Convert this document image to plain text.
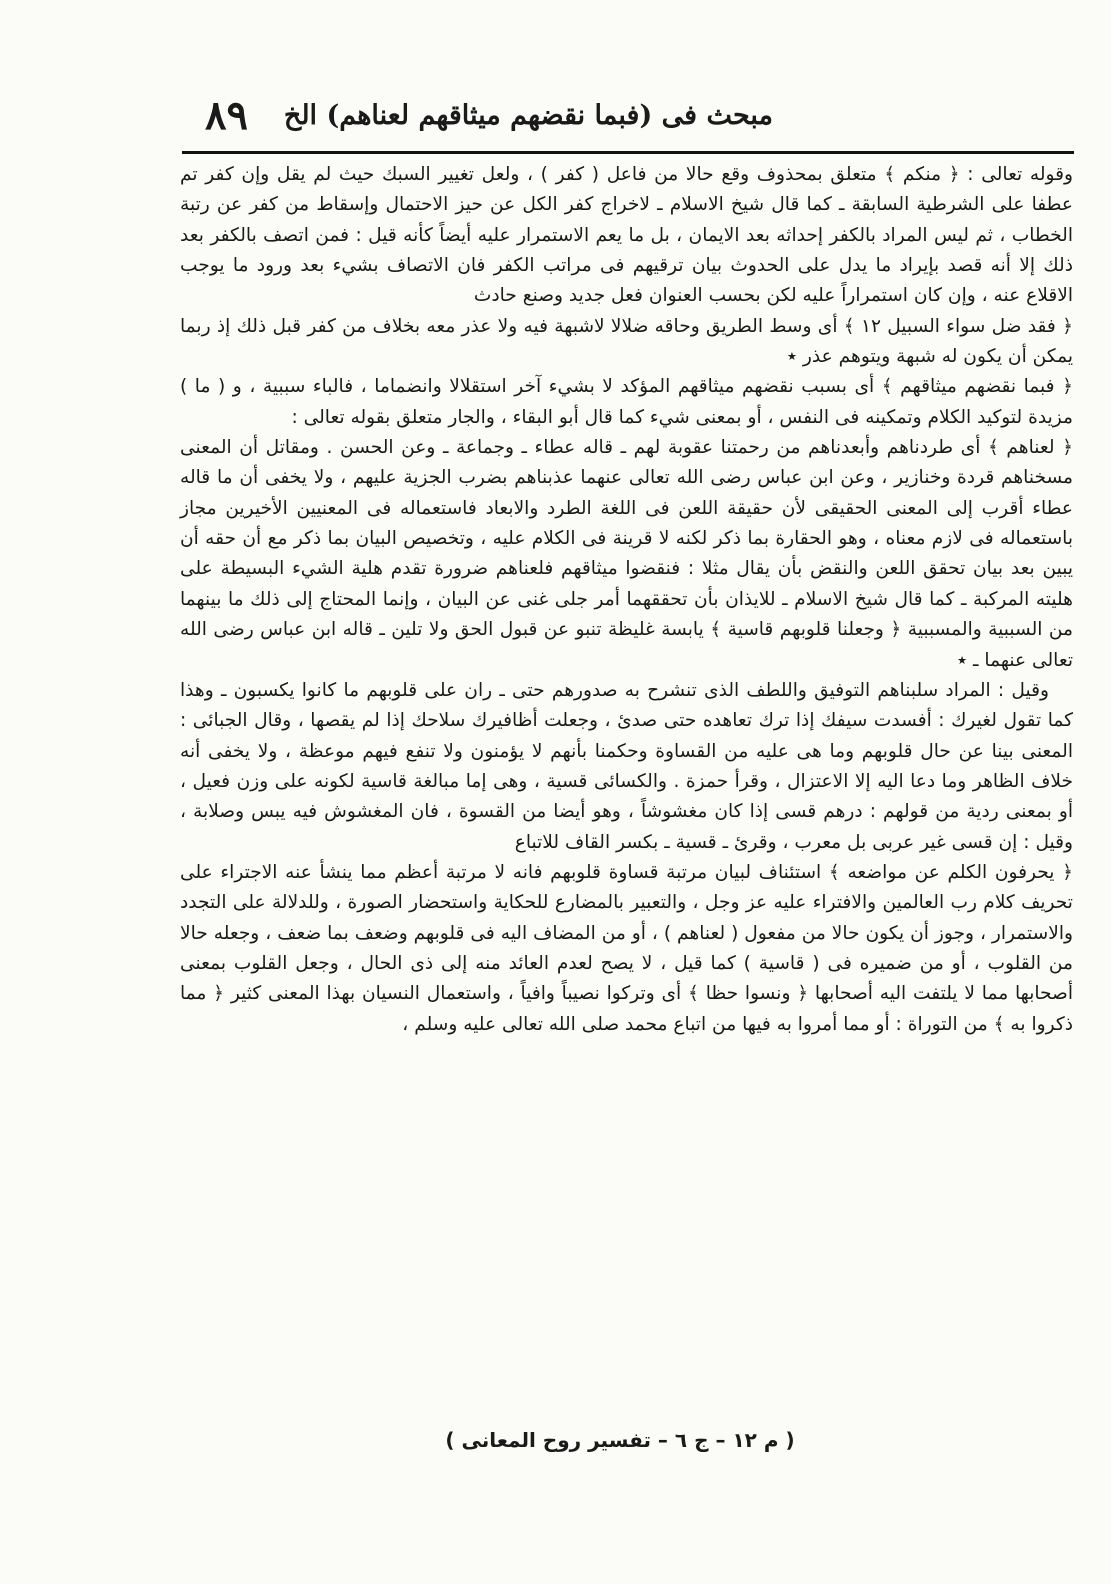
مبحث فى (فبما نقضهم ميثاقهم لعناهم) الخ
٨٩

وقوله تعالى : ﴿ منكم ﴾ متعلق بمحذوف وقع حالا من فاعل ( كفر ) ، ولعل تغيير السبك حيث لم يقل وإن كفر تم عطفا على الشرطية السابقة ـ كما قال شيخ الاسلام ـ لاخراج كفر الكل عن حيز الاحتمال وإسقاط من كفر عن رتبة الخطاب ، ثم ليس المراد بالكفر إحداثه بعد الايمان ، بل ما يعم الاستمرار عليه أيضاً كأنه قيل : فمن اتصف بالكفر بعد ذلك إلا أنه قصد بإيراد ما يدل على الحدوث بيان ترقيهم فى مراتب الكفر فان الاتصاف بشيء بعد ورود ما يوجب الاقلاع عنه ، وإن كان استمراراً عليه لكن بحسب العنوان فعل جديد وصنع حادث

﴿ فقد ضل سواء السبيل ١٢ ﴾ أى وسط الطريق وحاقه ضلالا لاشبهة فيه ولا عذر معه بخلاف من كفر قبل ذلك إذ ربما يمكن أن يكون له شبهة ويتوهم عذر ٭

﴿ فبما نقضهم ميثاقهم ﴾ أى بسبب نقضهم ميثاقهم المؤكد لا بشيء آخر استقلالا وانضماما ، فالباء سببية ، و ( ما ) مزيدة لتوكيد الكلام وتمكينه فى النفس ، أو بمعنى شيء كما قال أبو البقاء ، والجار متعلق بقوله تعالى :

﴿ لعناهم ﴾ أى طردناهم وأبعدناهم من رحمتنا عقوبة لهم ـ قاله عطاء ـ وجماعة ـ وعن الحسن . ومقاتل أن المعنى مسخناهم قردة وخنازير ، وعن ابن عباس رضى الله تعالى عنهما عذبناهم بضرب الجزية عليهم ، ولا يخفى أن ما قاله عطاء أقرب إلى المعنى الحقيقى لأن حقيقة اللعن فى اللغة الطرد والابعاد فاستعماله فى المعنيين الأخيرين مجاز باستعماله فى لازم معناه ، وهو الحقارة بما ذكر لكنه لا قرينة فى الكلام عليه ، وتخصيص البيان بما ذكر مع أن حقه أن يبين بعد بيان تحقق اللعن والنقض بأن يقال مثلا : فنقضوا ميثاقهم فلعناهم ضرورة تقدم هلية الشيء البسيطة على هليته المركبة ـ كما قال شيخ الاسلام ـ للايذان بأن تحققهما أمر جلى غنى عن البيان ، وإنما المحتاج إلى ذلك ما بينهما من السببية والمسببية ﴿ وجعلنا قلوبهم قاسية ﴾ يابسة غليظة تنبو عن قبول الحق ولا تلين ـ قاله ابن عباس رضى الله تعالى عنهما ـ ٭

وقيل : المراد سلبناهم التوفيق واللطف الذى تنشرح به صدورهم حتى ـ ران على قلوبهم ما كانوا يكسبون ـ وهذا كما تقول لغيرك : أفسدت سيفك إذا ترك تعاهده حتى صدئ ، وجعلت أظافيرك سلاحك إذا لم يقصها ، وقال الجبائى : المعنى بينا عن حال قلوبهم وما هى عليه من القساوة وحكمنا بأنهم لا يؤمنون ولا تنفع فيهم موعظة ، ولا يخفى أنه خلاف الظاهر وما دعا اليه إلا الاعتزال ، وقرأ حمزة . والكسائى قسية ، وهى إما مبالغة قاسية لكونه على وزن فعيل ، أو بمعنى ردية من قولهم : درهم قسى إذا كان مغشوشاً ، وهو أيضا من القسوة ، فان المغشوش فيه يبس وصلابة ، وقيل : إن قسى غير عربى بل معرب ، وقرئ ـ قسية ـ بكسر القاف للاتباع

﴿ يحرفون الكلم عن مواضعه ﴾ استئناف لبيان مرتبة قساوة قلوبهم فانه لا مرتبة أعظم مما ينشأ عنه الاجتراء على تحريف كلام رب العالمين والافتراء عليه عز وجل ، والتعبير بالمضارع للحكاية واستحضار الصورة ، وللدلالة على التجدد والاستمرار ، وجوز أن يكون حالا من مفعول ( لعناهم ) ، أو من المضاف اليه فى قلوبهم وضعف بما ضعف ، وجعله حالا من القلوب ، أو من ضميره فى ( قاسية ) كما قيل ، لا يصح لعدم العائد منه إلى ذى الحال ، وجعل القلوب بمعنى أصحابها مما لا يلتفت اليه أصحابها ﴿ ونسوا حظا ﴾ أى وتركوا نصيباً وافياً ، واستعمال النسيان بهذا المعنى كثير ﴿ مما ذكروا به ﴾ من التوراة : أو مما أمروا به فيها من اتباع محمد صلى الله تعالى عليه وسلم ،

( م ١٢ – ج ٦ – تفسير روح المعانى )
